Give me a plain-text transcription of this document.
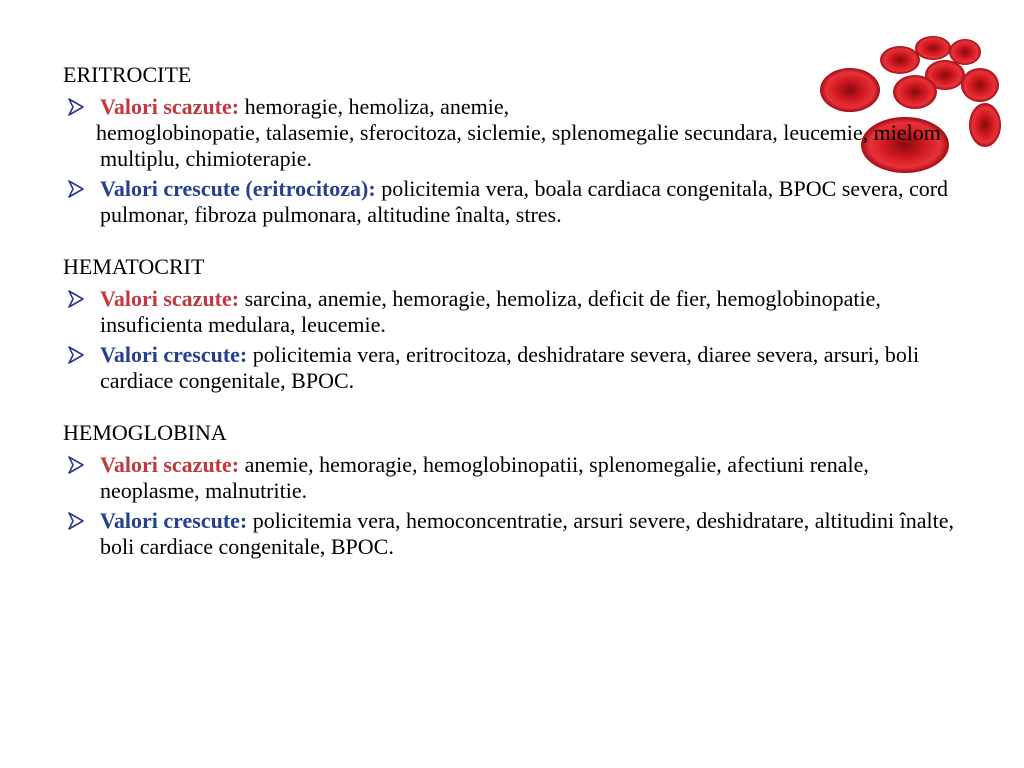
ERITROCITE
Valori scazute: hemoragie, hemoliza, anemie,
hemoglobinopatie, talasemie, sferocitoza, siclemie, splenomegalie secundara, leucemie, mielom multiplu, chimioterapie.
Valori crescute (eritrocitoza): policitemia vera, boala cardiaca congenitala, BPOC severa, cord pulmonar, fibroza pulmonara, altitudine înalta, stres.
HEMATOCRIT
Valori scazute: sarcina, anemie, hemoragie, hemoliza, deficit de fier, hemoglobinopatie, insuficienta medulara, leucemie.
Valori crescute: policitemia vera, eritrocitoza, deshidratare severa, diaree severa, arsuri, boli cardiace congenitale, BPOC.
HEMOGLOBINA
Valori scazute: anemie, hemoragie, hemoglobinopatii, splenomegalie, afectiuni renale, neoplasme, malnutritie.
Valori crescute: policitemia vera, hemoconcentratie, arsuri severe, deshidratare, altitudini înalte, boli cardiace congenitale, BPOC.
